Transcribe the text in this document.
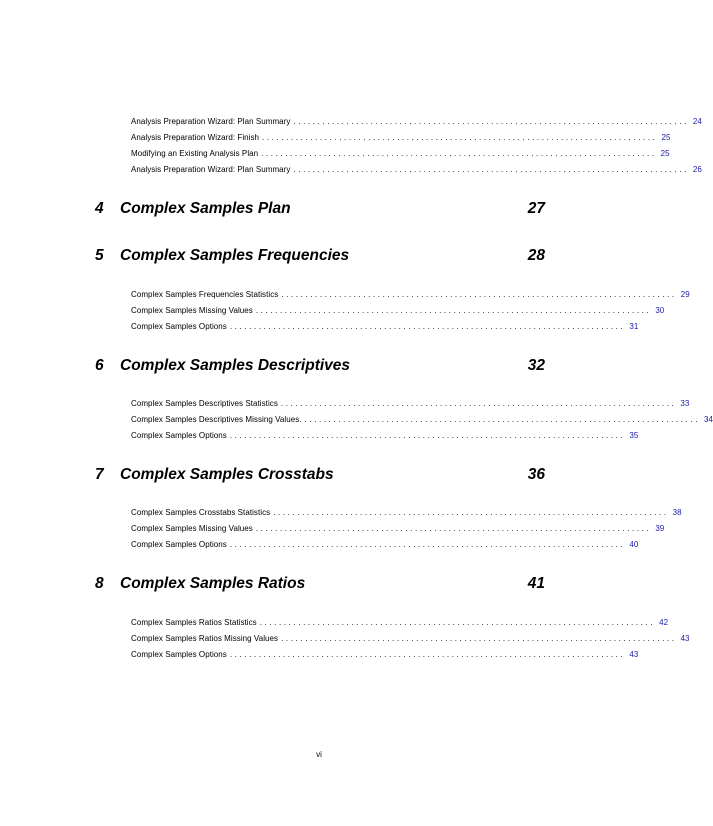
Analysis Preparation Wizard: Plan Summary .................................................................................. 24
Analysis Preparation Wizard: Finish .................................................................................. 25
Modifying an Existing Analysis Plan .................................................................................. 25
Analysis Preparation Wizard: Plan Summary .................................................................................. 26
4 Complex Samples Plan	27
5 Complex Samples Frequencies	28
Complex Samples Frequencies Statistics .................................................................................. 29
Complex Samples Missing Values .................................................................................. 30
Complex Samples Options .................................................................................. 31
6 Complex Samples Descriptives	32
Complex Samples Descriptives Statistics .................................................................................. 33
Complex Samples Descriptives Missing Values. .................................................................................. 34
Complex Samples Options .................................................................................. 35
7 Complex Samples Crosstabs	36
Complex Samples Crosstabs Statistics .................................................................................. 38
Complex Samples Missing Values .................................................................................. 39
Complex Samples Options .................................................................................. 40
8 Complex Samples Ratios	41
Complex Samples Ratios Statistics .................................................................................. 42
Complex Samples Ratios Missing Values .................................................................................. 43
Complex Samples Options .................................................................................. 43
vi
